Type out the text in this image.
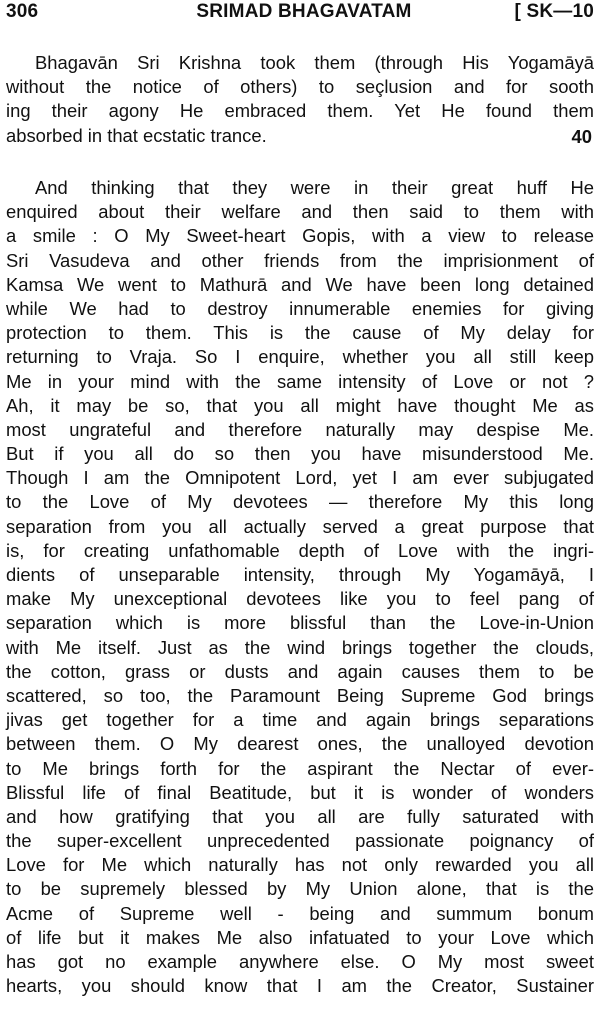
306	SRIMAD BHAGAVATAM	[ SK—10
Bhagavān Sri Krishna took them (through His Yogamāyā
without the notice of others) to seçlusion and for sooth
ing their agony He embraced them. Yet He found them
absorbed in that ecstatic trance.	40
And thinking that they were in their great huff He
enquired about their welfare and then said to them with
a smile : O My Sweet-heart Gopis, with a view to release
Sri Vasudeva and other friends from the imprisionment of
Kamsa We went to Mathurā and We have been long detained
while We had to destroy innumerable enemies for giving
protection to them. This is the cause of My delay for
returning to Vraja. So I enquire, whether you all still keep
Me in your mind with the same intensity of Love or not ?
Ah, it may be so, that you all might have thought Me as
most ungrateful and therefore naturally may despise Me.
But if you all do so then you have misunderstood Me.
Though I am the Omnipotent Lord, yet I am ever subjugated
to the Love of My devotees — therefore My this long
separation from you all actually served a great purpose that
is, for creating unfathomable depth of Love with the ingri-
dients of unseparable intensity, through My Yogamāyā, I
make My unexceptional devotees like you to feel pang of
separation which is more blissful than the Love-in-Union
with Me itself. Just as the wind brings together the clouds,
the cotton, grass or dusts and again causes them to be
scattered, so too, the Paramount Being Supreme God brings
jivas get together for a time and again brings separations
between them. O My dearest ones, the unalloyed devotion
to Me brings forth for the aspirant the Nectar of ever-
Blissful life of final Beatitude, but it is wonder of wonders
and how gratifying that you all are fully saturated with
the super-excellent unprecedented passionate poignancy of
Love for Me which naturally has not only rewarded you all
to be supremely blessed by My Union alone, that is the
Acme of Supreme well - being and summum bonum
of life but it makes Me also infatuated to your Love which
has got no example anywhere else. O My most sweet
hearts, you should know that I am the Creator, Sustainer
